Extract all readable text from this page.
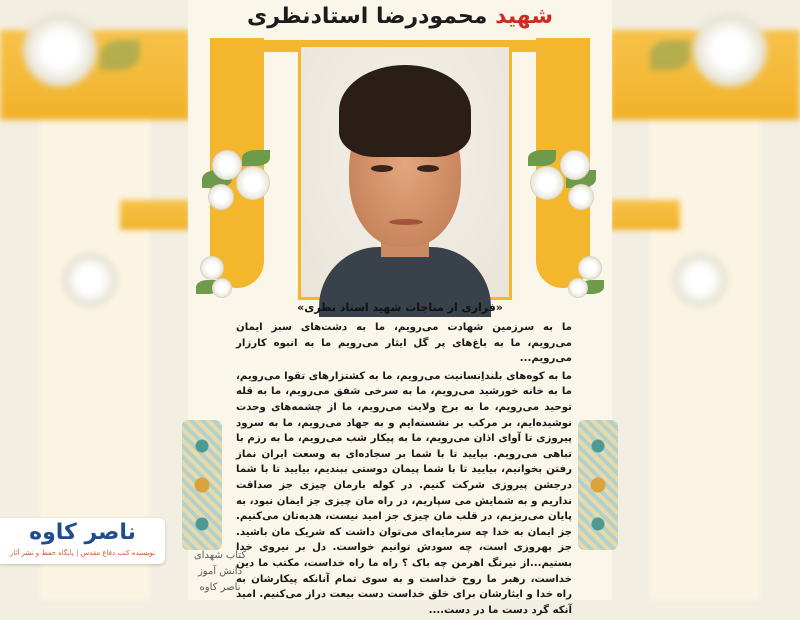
شهید محمودرضا استادنظری
«فرازی از مناجات شهید استاد نظری»

ما به سرزمین شهادت می‌رویم، ما به دشت‌های سبز ایمان می‌رویم، ما به باغ‌های پر گل ایثار می‌رویم ما به انبوه کارزار می‌رویم...

ما به کوه‌های بلنداِنسانیت می‌رویم، ما به کشتزارهای تقوا می‌رویم، ما به خانه خورشید می‌رویم، ما به سرخی شفق می‌رویم، ما به قله توحید می‌رویم، ما به برج ولایت می‌رویم، ما از چشمه‌های وحدت نوشیده‌ایم، بر مرکب بر نشسته‌ایم و به جهاد می‌رویم، ما به سرود پیروزی تا آوای اذان می‌رویم، ما به پیکار شب می‌رویم، ما به رزم با تباهی می‌رویم. بیایید تا با شما بر سجاده‌ای به وسعت ایران نماز رفتن بخوانیم، بیایید تا با شما پیمان دوستی ببندیم، بیایید تا با شما درجشن پیروزی شرکت کنیم. در کوله بارمان چیزی جز صداقت نداریم و به شمایش می سپاریم، در راه مان چیزی جز ایمان نبود، به پایان می‌ریزیم، در قلب مان چیزی جز امید نیست، هدیه‌تان می‌کنیم. جز ایمان به خدا چه سرمایه‌ای می‌توان داشت که شریک مان باشید. جز بهروزی است، چه سودش توانیم خواست. دل بر نیروی خدا بستیم...از نیرنگ اهرمن چه باک ؟ راه ما راه خداست، مکتب ما دین خداست، رهبر ما روح خداست و به سوی تمام آنانکه پیکارشان به راه خدا و ایثارشان برای خلق خداست دست بیعت دراز می‌کنیم. امید آنکه گرد دست ما در دست....

کتاب شهدای
دانش آموز
ناصر کاوه
ناصر کاوه
نویسنده کتب دفاع مقدس | پایگاه حفظ و نشر آثار
